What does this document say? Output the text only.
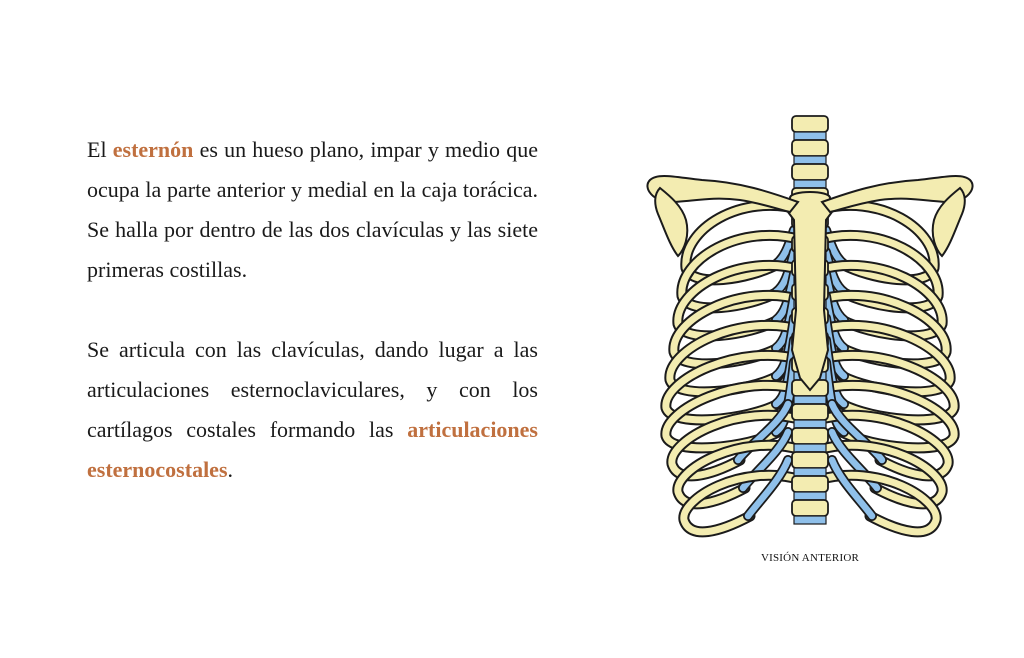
El esternón es un hueso plano, impar y medio que ocupa la parte anterior y medial en la caja torácica. Se halla por dentro de las dos clavículas y las siete primeras costillas.

Se articula con las clavículas, dando lugar a las articulaciones esternoclaviculares, y con los cartílagos costales formando las articulaciones esternocostales.

VISIÓN ANTERIOR
